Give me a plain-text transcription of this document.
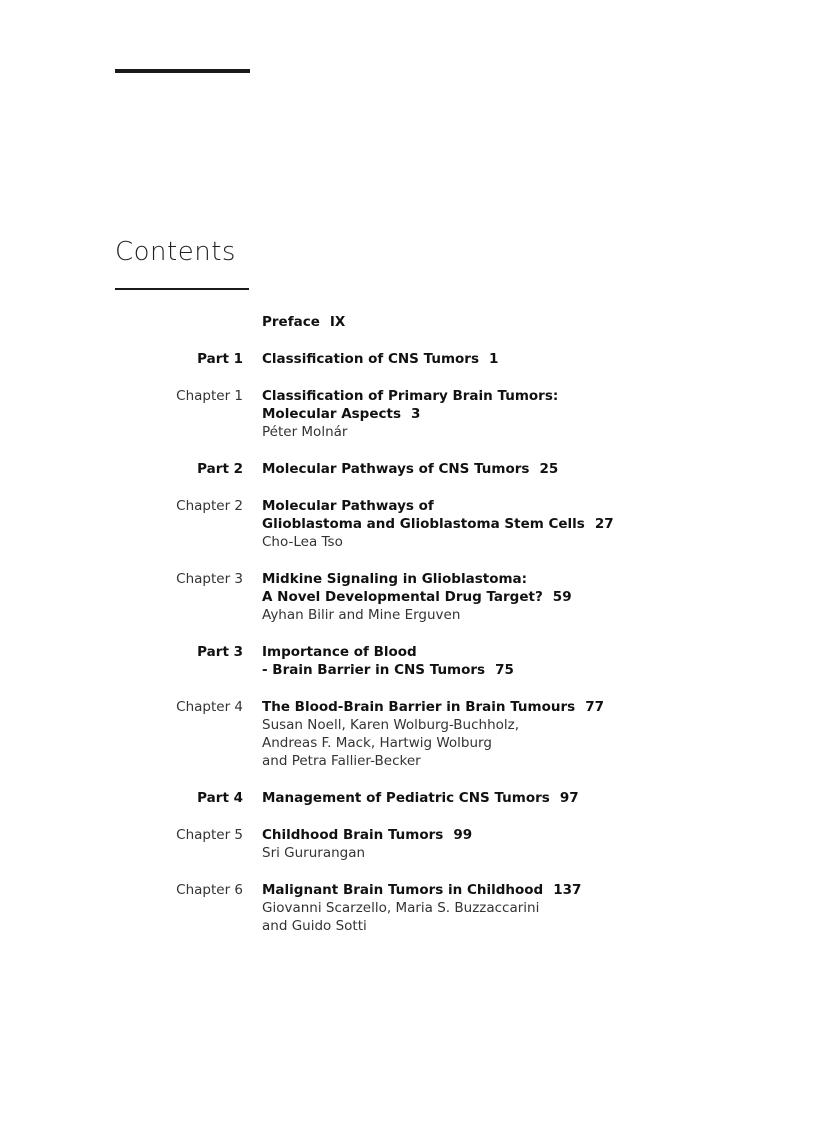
Contents
Preface IX
Part 1 Classification of CNS Tumors 1
Chapter 1 Classification of Primary Brain Tumors:
Molecular Aspects 3
Péter Molnár
Part 2 Molecular Pathways of CNS Tumors 25
Chapter 2 Molecular Pathways of
Glioblastoma and Glioblastoma Stem Cells 27
Cho-Lea Tso
Chapter 3 Midkine Signaling in Glioblastoma:
A Novel Developmental Drug Target? 59
Ayhan Bilir and Mine Erguven
Part 3 Importance of Blood
- Brain Barrier in CNS Tumors 75
Chapter 4 The Blood-Brain Barrier in Brain Tumours 77
Susan Noell, Karen Wolburg-Buchholz,
Andreas F. Mack, Hartwig Wolburg
and Petra Fallier-Becker
Part 4 Management of Pediatric CNS Tumors 97
Chapter 5 Childhood Brain Tumors 99
Sri Gururangan
Chapter 6 Malignant Brain Tumors in Childhood 137
Giovanni Scarzello, Maria S. Buzzaccarini
and Guido Sotti
